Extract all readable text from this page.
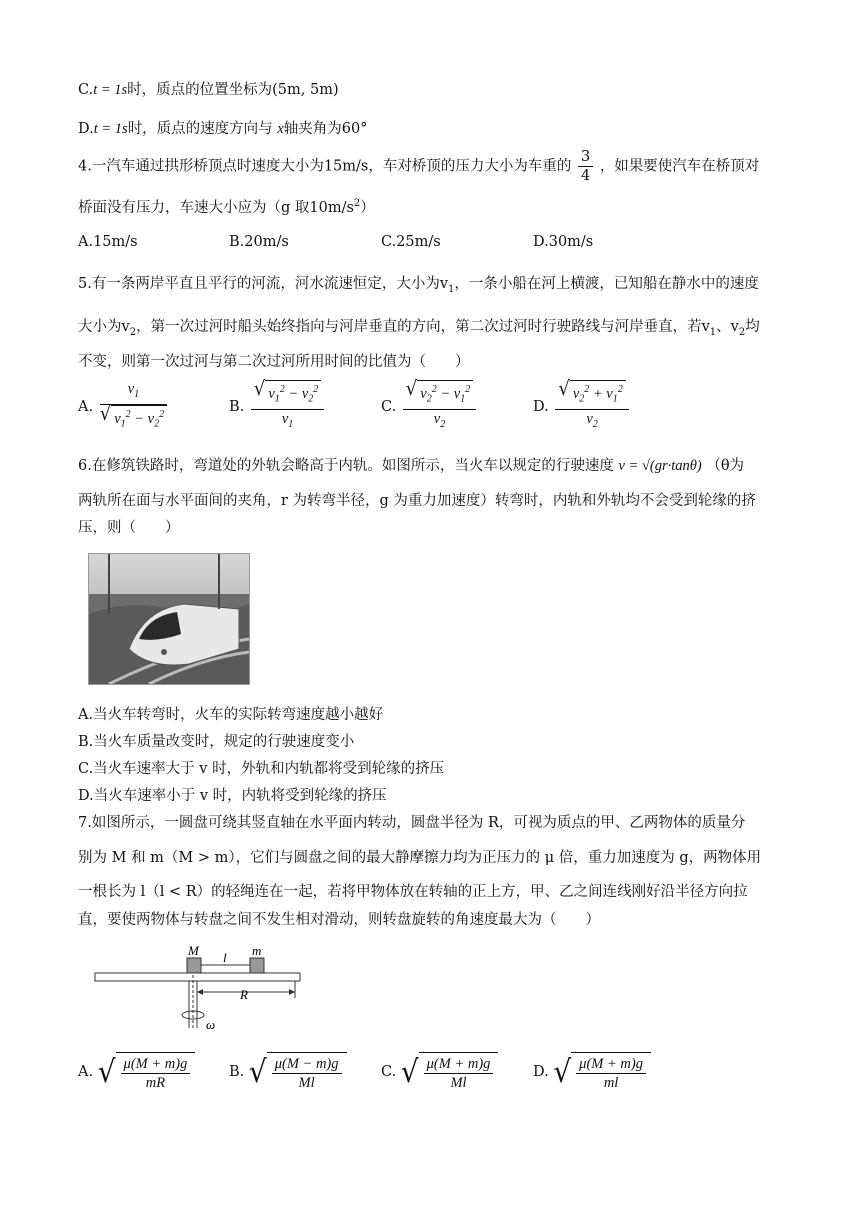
C.t = 1s时，质点的位置坐标为(5m, 5m)
D.t = 1s时，质点的速度方向与 x轴夹角为60°
4.一汽车通过拱形桥顶点时速度大小为15m/s，车对桥顶的压力大小为车重的 $\frac{3}{4}$ ，如果要使汽车在桥顶对
桥面没有压力，车速大小应为（g 取$10m/s^2$）
A.15m/s	B.20m/s	C.25m/s	D.30m/s
5.有一条两岸平直且平行的河流，河水流速恒定，大小为$v_1$，一条小船在河上横渡，已知船在静水中的速度
大小为$v_2$，第一次过河时船头始终指向与河岸垂直的方向，第二次过河时行驶路线与河岸垂直，若$v_1$、$v_2$均
不变，则第一次过河与第二次过河所用时间的比值为（　　）
A. $\frac{v_1}{√ v_1^2 - v_2^2}$	B. $\frac{√ v_1^2 - v_2^2}{v_1}$	C. $\frac{√ v_2^2 - v_1^2}{v_2}$	D. $\frac{√ v_2^2 + v_1^2}{v_2}$
6.在修筑铁路时，弯道处的外轨会略高于内轨。如图所示，当火车以规定的行驶速度 v = √(gr·tanθ) （θ为
两轨所在面与水平面间的夹角，r 为转弯半径，g 为重力加速度）转弯时，内轨和外轨均不会受到轮缘的挤
压，则（　　）
A.当火车转弯时，火车的实际转弯速度越小越好
B.当火车质量改变时，规定的行驶速度变小
C.当火车速率大于 v 时，外轨和内轨都将受到轮缘的挤压
D.当火车速率小于 v 时，内轨将受到轮缘的挤压
7.如图所示，一圆盘可绕其竖直轴在水平面内转动，圆盘半径为 R，可视为质点的甲、乙两物体的质量分
别为 M 和 m（M > m），它们与圆盘之间的最大静摩擦力均为正压力的 μ 倍，重力加速度为 g，两物体用
一根长为 l（l < R）的轻绳连在一起，若将甲物体放在转轴的正上方，甲、乙之间连线刚好沿半径方向拉
直，要使两物体与转盘之间不发生相对滑动，则转盘旋转的角速度最大为（　　）
M	m
l
R
ω
A. √ $\frac{\mu(M + m)g}{mR}$	B. √ $\frac{\mu(M - m)g}{Ml}$	C. √ $\frac{\mu(M + m)g}{Ml}$	D. √ $\frac{\mu(M + m)g}{ml}$
